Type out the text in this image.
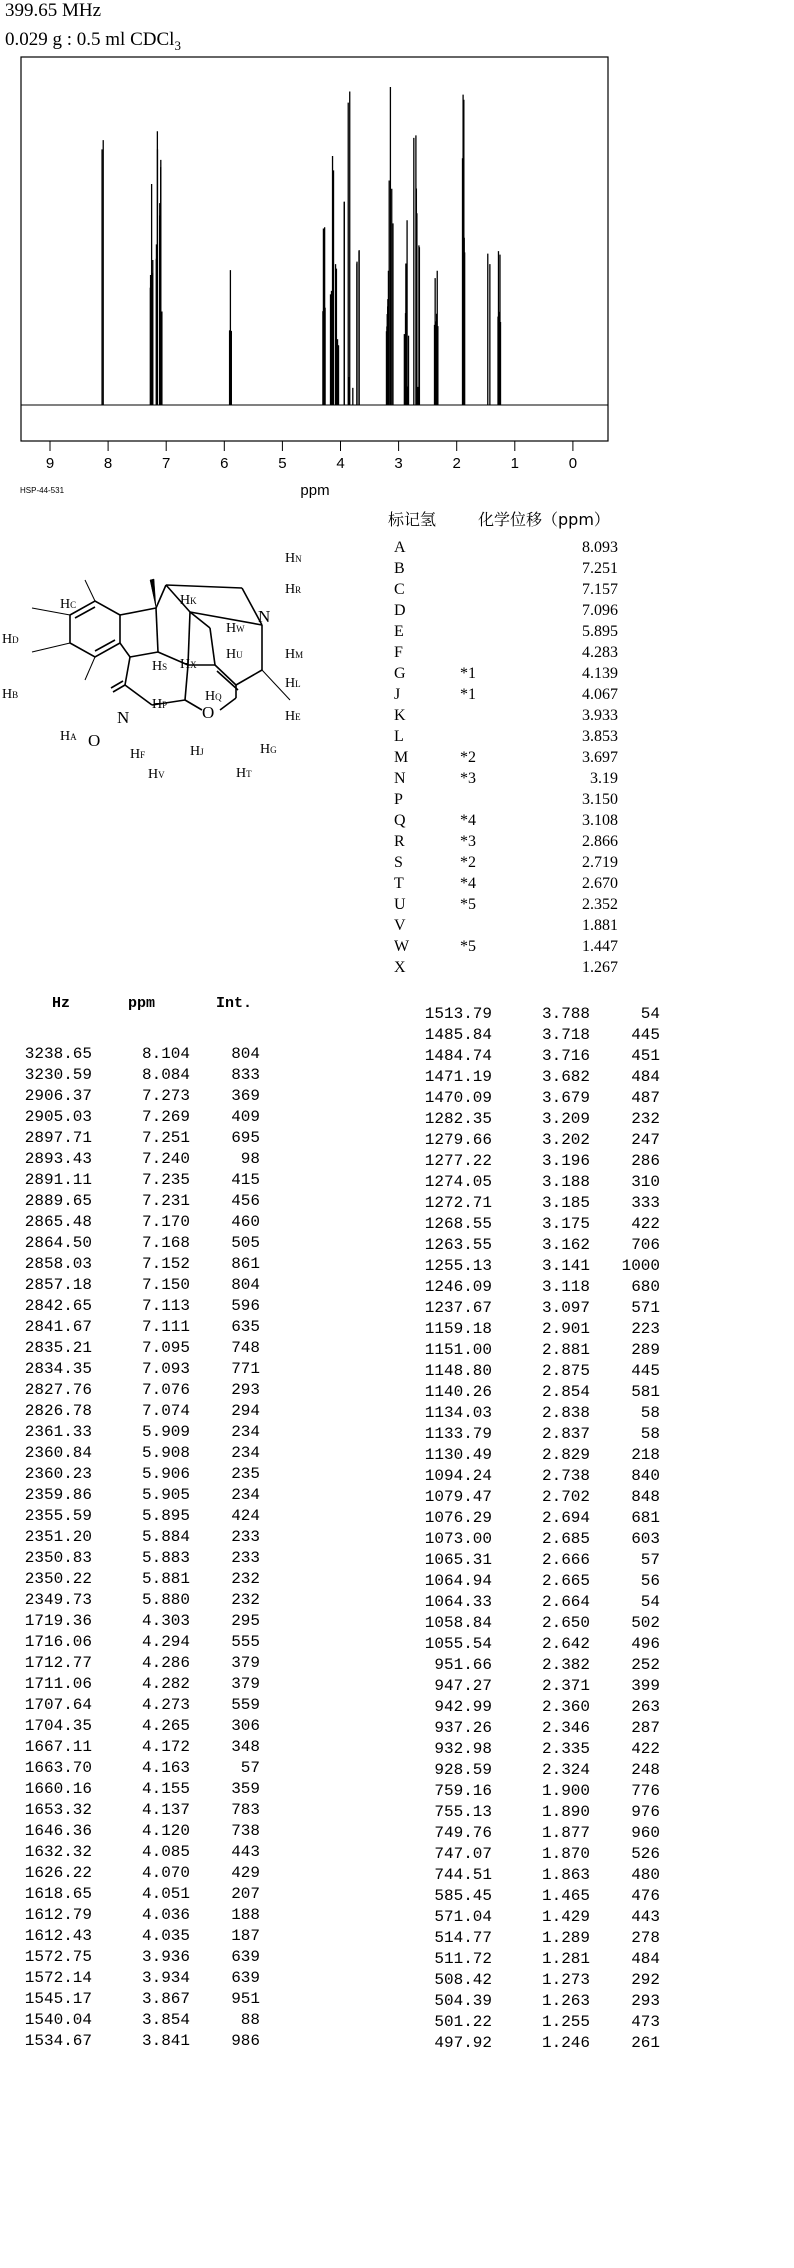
399.65 MHz
0.029 g : 0.5 ml CDCl$_3$
9	8	7	6	5	4	3	2	1	0
ppm
HSP-44-531
N
N
O
O
HC
HD
HB
HA
HK
HN
HR
HW
HU
HX
HS
HM
HL
HP
HQ
HE
HF	HJ
HV
HG
HT
标记氢	化学位移（ppm）
A	8.093
B	7.251
C	7.157
D	7.096
E	5.895
F	4.283
G	*1	4.139
J	*1	4.067
K	3.933
L	3.853
M	*2	3.697
N	*3	3.19
P	3.150
Q	*4	3.108
R	*3	2.866
S	*2	2.719
T	*4	2.670
U	*5	2.352
V	1.881
W	*5	1.447
X	1.267
Hz	ppm	Int.
3238.65	8.104	804
3230.59	8.084	833
2906.37	7.273	369
2905.03	7.269	409
2897.71	7.251	695
2893.43	7.240	98
2891.11	7.235	415
2889.65	7.231	456
2865.48	7.170	460
2864.50	7.168	505
2858.03	7.152	861
2857.18	7.150	804
2842.65	7.113	596
2841.67	7.111	635
2835.21	7.095	748
2834.35	7.093	771
2827.76	7.076	293
2826.78	7.074	294
2361.33	5.909	234
2360.84	5.908	234
2360.23	5.906	235
2359.86	5.905	234
2355.59	5.895	424
2351.20	5.884	233
2350.83	5.883	233
2350.22	5.881	232
2349.73	5.880	232
1719.36	4.303	295
1716.06	4.294	555
1712.77	4.286	379
1711.06	4.282	379
1707.64	4.273	559
1704.35	4.265	306
1667.11	4.172	348
1663.70	4.163	57
1660.16	4.155	359
1653.32	4.137	783
1646.36	4.120	738
1632.32	4.085	443
1626.22	4.070	429
1618.65	4.051	207
1612.79	4.036	188
1612.43	4.035	187
1572.75	3.936	639
1572.14	3.934	639
1545.17	3.867	951
1540.04	3.854	88
1534.67	3.841	986
1513.79	3.788	54
1485.84	3.718	445
1484.74	3.716	451
1471.19	3.682	484
1470.09	3.679	487
1282.35	3.209	232
1279.66	3.202	247
1277.22	3.196	286
1274.05	3.188	310
1272.71	3.185	333
1268.55	3.175	422
1263.55	3.162	706
1255.13	3.141	1000
1246.09	3.118	680
1237.67	3.097	571
1159.18	2.901	223
1151.00	2.881	289
1148.80	2.875	445
1140.26	2.854	581
1134.03	2.838	58
1133.79	2.837	58
1130.49	2.829	218
1094.24	2.738	840
1079.47	2.702	848
1076.29	2.694	681
1073.00	2.685	603
1065.31	2.666	57
1064.94	2.665	56
1064.33	2.664	54
1058.84	2.650	502
1055.54	2.642	496
951.66	2.382	252
947.27	2.371	399
942.99	2.360	263
937.26	2.346	287
932.98	2.335	422
928.59	2.324	248
759.16	1.900	776
755.13	1.890	976
749.76	1.877	960
747.07	1.870	526
744.51	1.863	480
585.45	1.465	476
571.04	1.429	443
514.77	1.289	278
511.72	1.281	484
508.42	1.273	292
504.39	1.263	293
501.22	1.255	473
497.92	1.246	261
